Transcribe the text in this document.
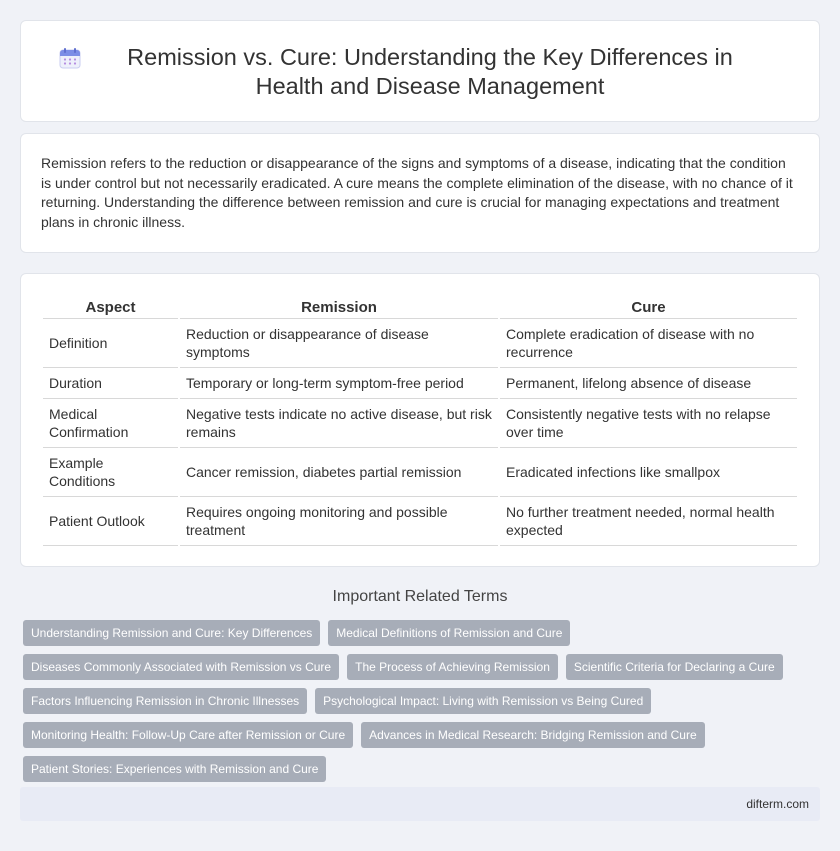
Remission vs. Cure: Understanding the Key Differences in Health and Disease Management

Remission refers to the reduction or disappearance of the signs and symptoms of a disease, indicating that the condition is under control but not necessarily eradicated. A cure means the complete elimination of the disease, with no chance of it returning. Understanding the difference between remission and cure is crucial for managing expectations and treatment plans in chronic illness.

Aspect	Remission	Cure
Definition	Reduction or disappearance of disease symptoms	Complete eradication of disease with no recurrence
Duration	Temporary or long-term symptom-free period	Permanent, lifelong absence of disease
Medical Confirmation	Negative tests indicate no active disease, but risk remains	Consistently negative tests with no relapse over time
Example Conditions	Cancer remission, diabetes partial remission	Eradicated infections like smallpox
Patient Outlook	Requires ongoing monitoring and possible treatment	No further treatment needed, normal health expected
Important Related Terms
Understanding Remission and Cure: Key Differences	Medical Definitions of Remission and Cure
Diseases Commonly Associated with Remission vs Cure	The Process of Achieving Remission	Scientific Criteria for Declaring a Cure
Factors Influencing Remission in Chronic Illnesses	Psychological Impact: Living with Remission vs Being Cured
Monitoring Health: Follow-Up Care after Remission or Cure	Advances in Medical Research: Bridging Remission and Cure
Patient Stories: Experiences with Remission and Cure
difterm.com
